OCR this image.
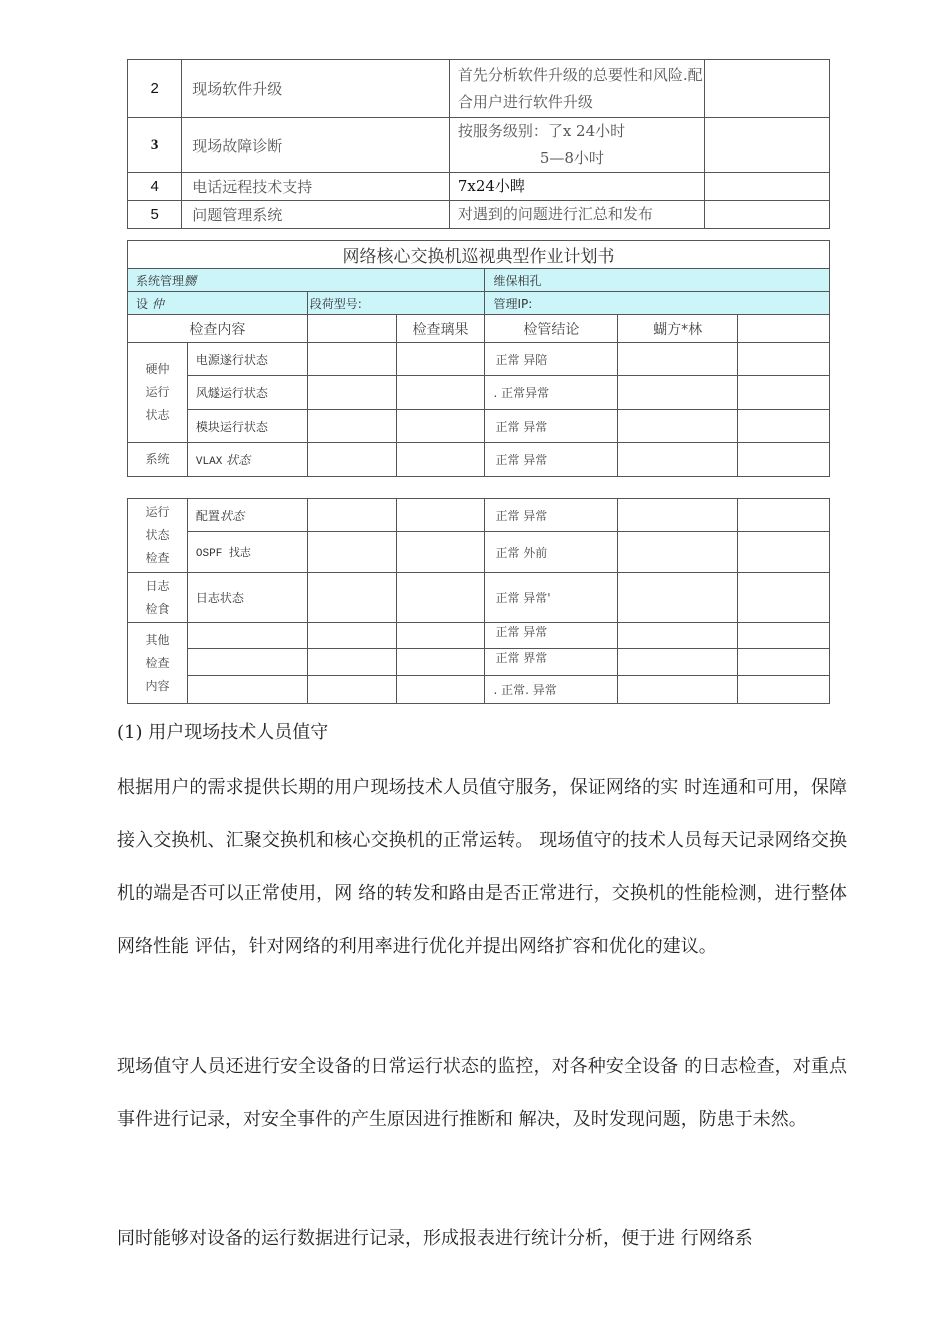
2	现场软件升级	首先分析软件升级的总要性和风险.配合用户进行软件升级	
3	现场故障诊断	按服务级别：了x 24小时
5—8小吋	

4	电话远程技术支持	7x24小睥	
5	问题管理系统	对遇到的问题进行汇总和发布	
网络核心交换机巡视典型作业计划书						
系统管理嬲				维保相孔		
设 仲		段荷型号:		管理IP:		
检查内容			检查璃果	检管结论	蝴方*林	

硬仲
运行
状志	电源遂行状态			正常 异陪		
	风燧运行状态			. 正常异常		
	模块运行状态			正常 异常		
系统	VLAX 状态			正常 异常		
运行
状态
检查	配置状态			正常 异常		
	OSPF 找志			正常 外前		

日志
检食	日志状态			正常 异常'		

其他
检查
内容				正常 异常		
				正常 界常		
				. 正常. 异常		

(1) 用户现场技术人员值守

根据用户的需求提供长期的用户现场技术人员值守服务，保证网络的实 时连通和可用，保障接入交换机、汇聚交换机和核心交换机的正常运转。 现场值守的技术人员每天记录网络交换机的端是否可以正常使用，网 络的转发和路由是否正常进行，交换机的性能检测，进行整体网络性能 评估，针对网络的利用率进行优化并提出网络扩容和优化的建议。

现场值守人员还进行安全设备的日常运行状态的监控，对各种安全设备 的日志检查，对重点事件进行记录，对安全事件的产生原因进行推断和 解决，及时发现问题，防患于未然。

同时能够对设备的运行数据进行记录，形成报表进行统计分析，便于进 行网络系
